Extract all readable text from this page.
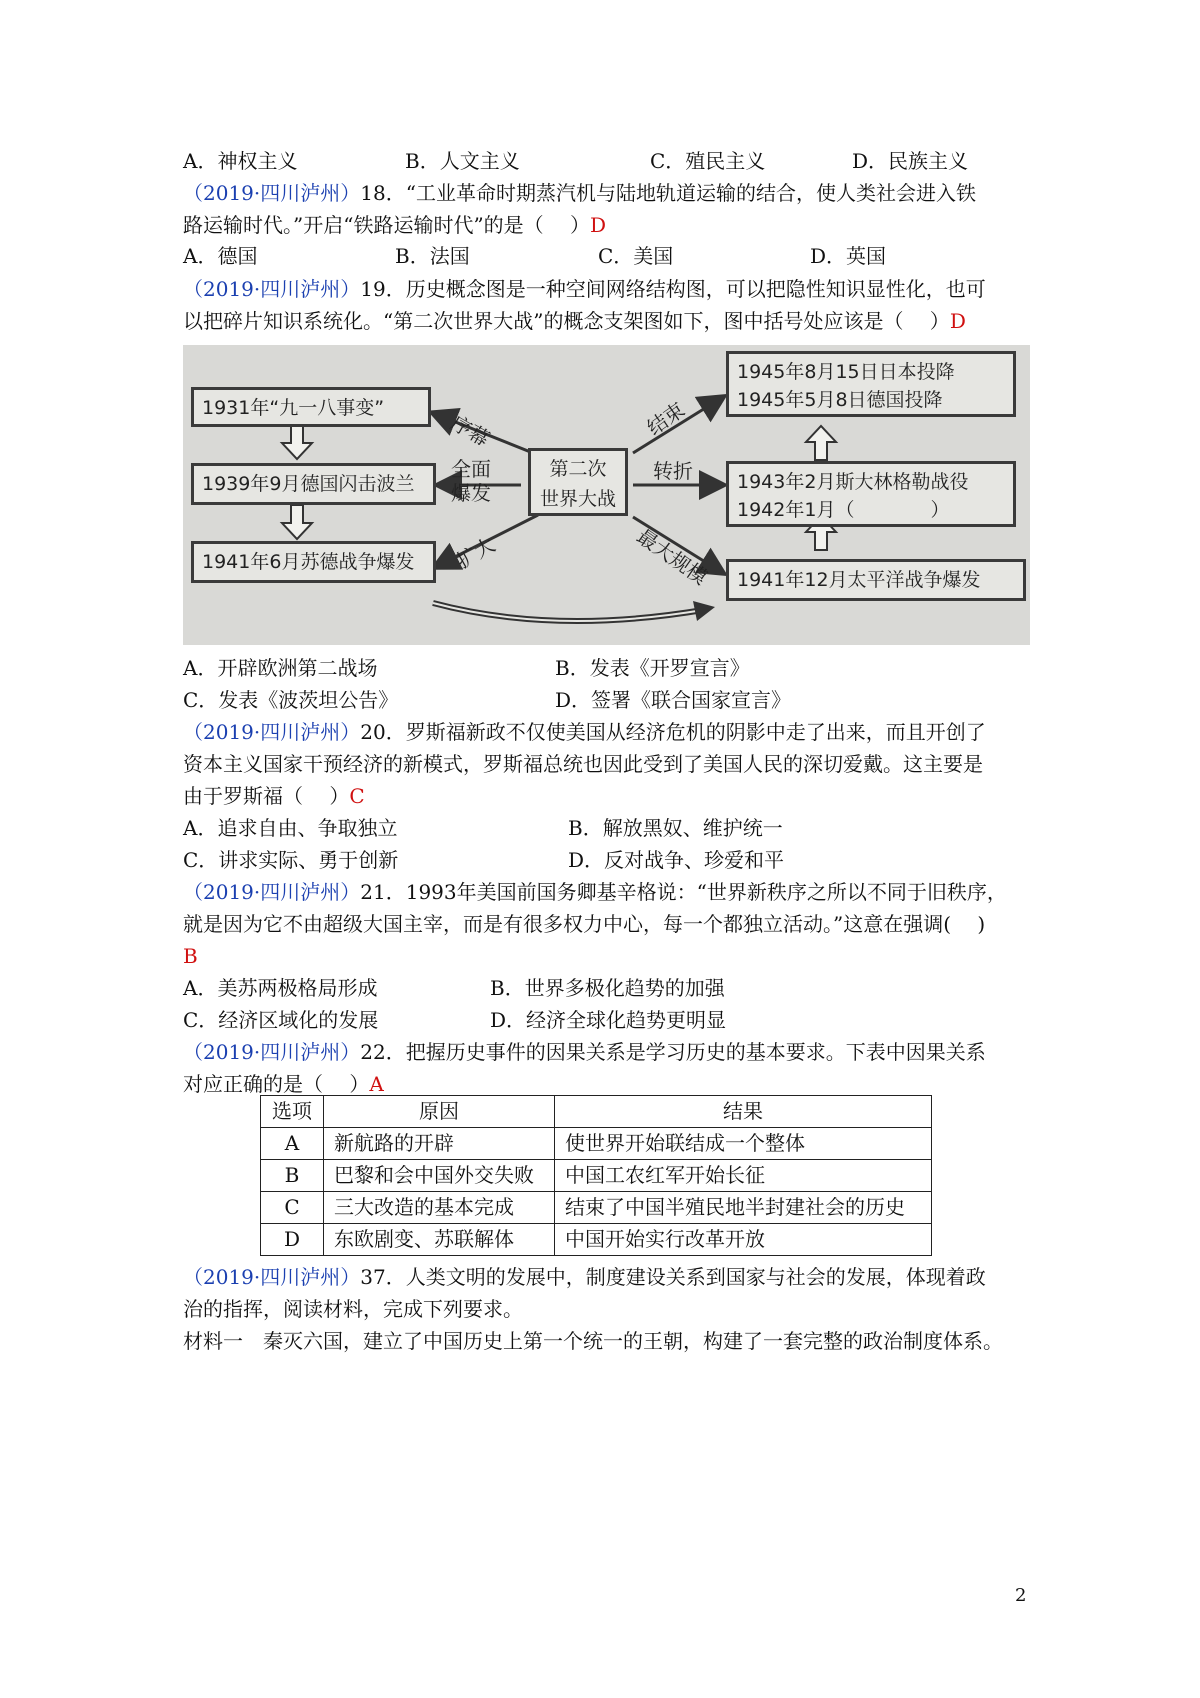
A．神权主义	B．人文主义	C．殖民主义	D．民族主义
（2019·四川泸州）18．“工业革命时期蒸汽机与陆地轨道运输的结合，使人类社会进入铁
路运输时代。”开启“铁路运输时代”的是（　 ）D
A．德国	B．法国	C．美国	D．英国
（2019·四川泸州）19．历史概念图是一种空间网络结构图，可以把隐性知识显性化，也可
以把碎片知识系统化。“第二次世界大战”的概念支架图如下，图中括号处应该是（　 ）D
1931年“九一八事变”
1939年9月德国闪击波兰
1941年6月苏德战争爆发
第二次
世界大战
1945年8月15日日本投降
1945年5月8日德国投降
1943年2月斯大林格勒战役
1942年1月（　　　　）
1941年12月太平洋战争爆发
序幕
全面
爆发
扩大
结束
转折
最大规模
A．开辟欧洲第二战场	B．发表《开罗宣言》
C．发表《波茨坦公告》	D．签署《联合国家宣言》
（2019·四川泸州）20．罗斯福新政不仅使美国从经济危机的阴影中走了出来，而且开创了
资本主义国家干预经济的新模式，罗斯福总统也因此受到了美国人民的深切爱戴。这主要是
由于罗斯福（　 ）C
A．追求自由、争取独立	B．解放黑奴、维护统一
C．讲求实际、勇于创新	D．反对战争、珍爱和平
（2019·四川泸州）21．1993年美国前国务卿基辛格说：“世界新秩序之所以不同于旧秩序，
就是因为它不由超级大国主宰，而是有很多权力中心，每一个都独立活动。”这意在强调(　 )
B
A．美苏两极格局形成	B．世界多极化趋势的加强
C．经济区域化的发展	D．经济全球化趋势更明显
（2019·四川泸州）22．把握历史事件的因果关系是学习历史的基本要求。下表中因果关系
对应正确的是（　 ）A
选项	原因	结果
A	新航路的开辟	使世界开始联结成一个整体
B	巴黎和会中国外交失败	中国工农红军开始长征
C	三大改造的基本完成	结束了中国半殖民地半封建社会的历史
D	东欧剧变、苏联解体	中国开始实行改革开放
（2019·四川泸州）37．人类文明的发展中，制度建设关系到国家与社会的发展，体现着政
治的指挥，阅读材料，完成下列要求。
材料一　秦灭六国，建立了中国历史上第一个统一的王朝，构建了一套完整的政治制度体系。
2
